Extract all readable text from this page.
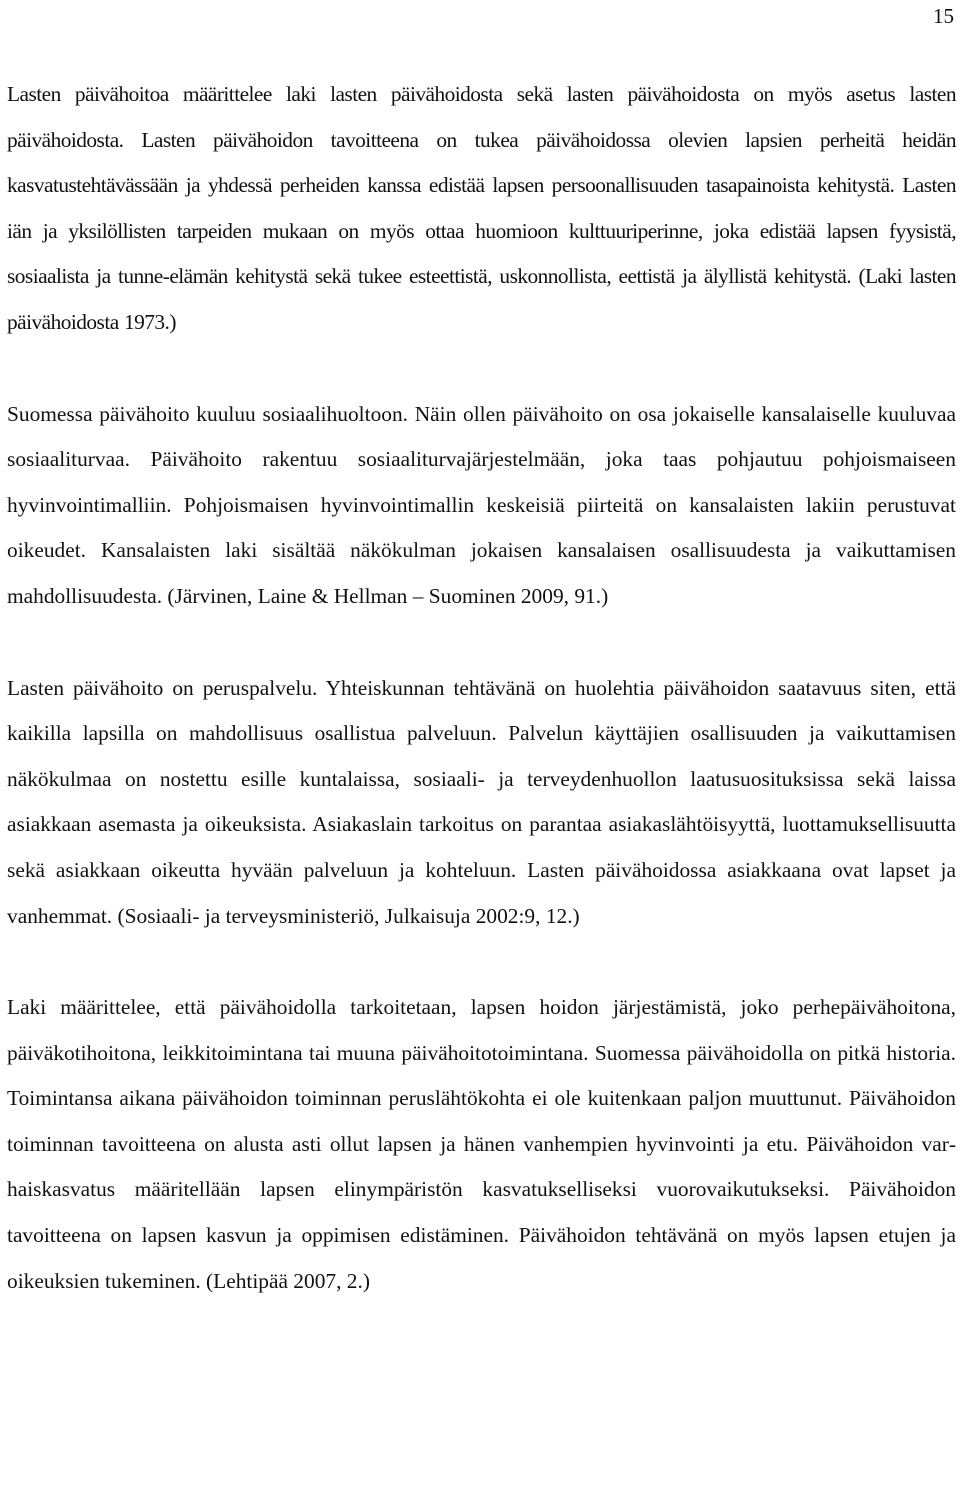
15

Lasten päivähoitoa määrittelee laki lasten päivähoidosta sekä lasten päivähoidosta on myös asetus lasten päivähoidosta. Lasten päivähoidon tavoitteena on tukea päivähoidossa olevien lapsien perheitä heidän kasvatustehtävässään ja yhdessä perheiden kanssa edistää lapsen persoonallisuuden tasapainoista kehitystä. Lasten iän ja yksilöllisten tarpeiden mukaan on myös ottaa huomioon kulttuuriperinne, joka edistää lapsen fyysistä, sosiaalista ja tunne-elämän kehitystä sekä tukee esteettistä, uskonnollista, eettistä ja älyllistä kehitystä. (Laki lasten päivähoidosta 1973.)

Suomessa päivähoito kuuluu sosiaalihuoltoon. Näin ollen päivähoito on osa jokaiselle kansalaiselle kuuluvaa sosiaaliturvaa. Päivähoito rakentuu sosiaaliturvajärjestelmään, joka taas pohjautuu pohjoismaiseen hyvinvointimalliin. Pohjoismaisen hyvinvointimallin keskeisiä piirteitä on kansalaisten lakiin perustuvat oikeudet. Kansalaisten laki sisältää näkökulman jokaisen kansalaisen osallisuudesta ja vaikuttamisen mahdollisuudesta. (Järvinen, Laine & Hellman – Suominen 2009, 91.)

Lasten päivähoito on peruspalvelu. Yhteiskunnan tehtävänä on huolehtia päivähoidon saatavuus siten, että kaikilla lapsilla on mahdollisuus osallistua palveluun. Palvelun käyttäjien osallisuuden ja vaikuttamisen näkökulmaa on nostettu esille kuntalaissa, sosiaali- ja terveydenhuollon laatusuosituksissa sekä laissa asiakkaan asemasta ja oikeuksista. Asiakaslain tarkoitus on parantaa asiakaslähtöisyyttä, luottamuksellisuutta sekä asiakkaan oikeutta hyvään palveluun ja kohteluun. Lasten päivähoidossa asiakkaana ovat lapset ja vanhemmat. (Sosiaali- ja terveysministeriö, Julkaisuja 2002:9, 12.)

Laki määrittelee, että päivähoidolla tarkoitetaan, lapsen hoidon järjestämistä, joko perhepäivähoitona, päiväkotihoitona, leikkitoimintana tai muuna päivähoitotoimintana. Suomessa päivähoidolla on pitkä historia. Toimintansa aikana päivähoidon toiminnan peruslähtökohta ei ole kuitenkaan paljon muuttunut. Päivähoidon toiminnan tavoitteena on alusta asti ollut lapsen ja hänen vanhempien hyvinvointi ja etu. Päivähoidon varhaiskasvatus määritellään lapsen elinympäristön kasvatukselliseksi vuorovaikutukseksi. Päivähoidon tavoitteena on lapsen kasvun ja oppimisen edistäminen. Päivähoidon tehtävänä on myös lapsen etujen ja oikeuksien tukeminen. (Lehtipää 2007, 2.)
